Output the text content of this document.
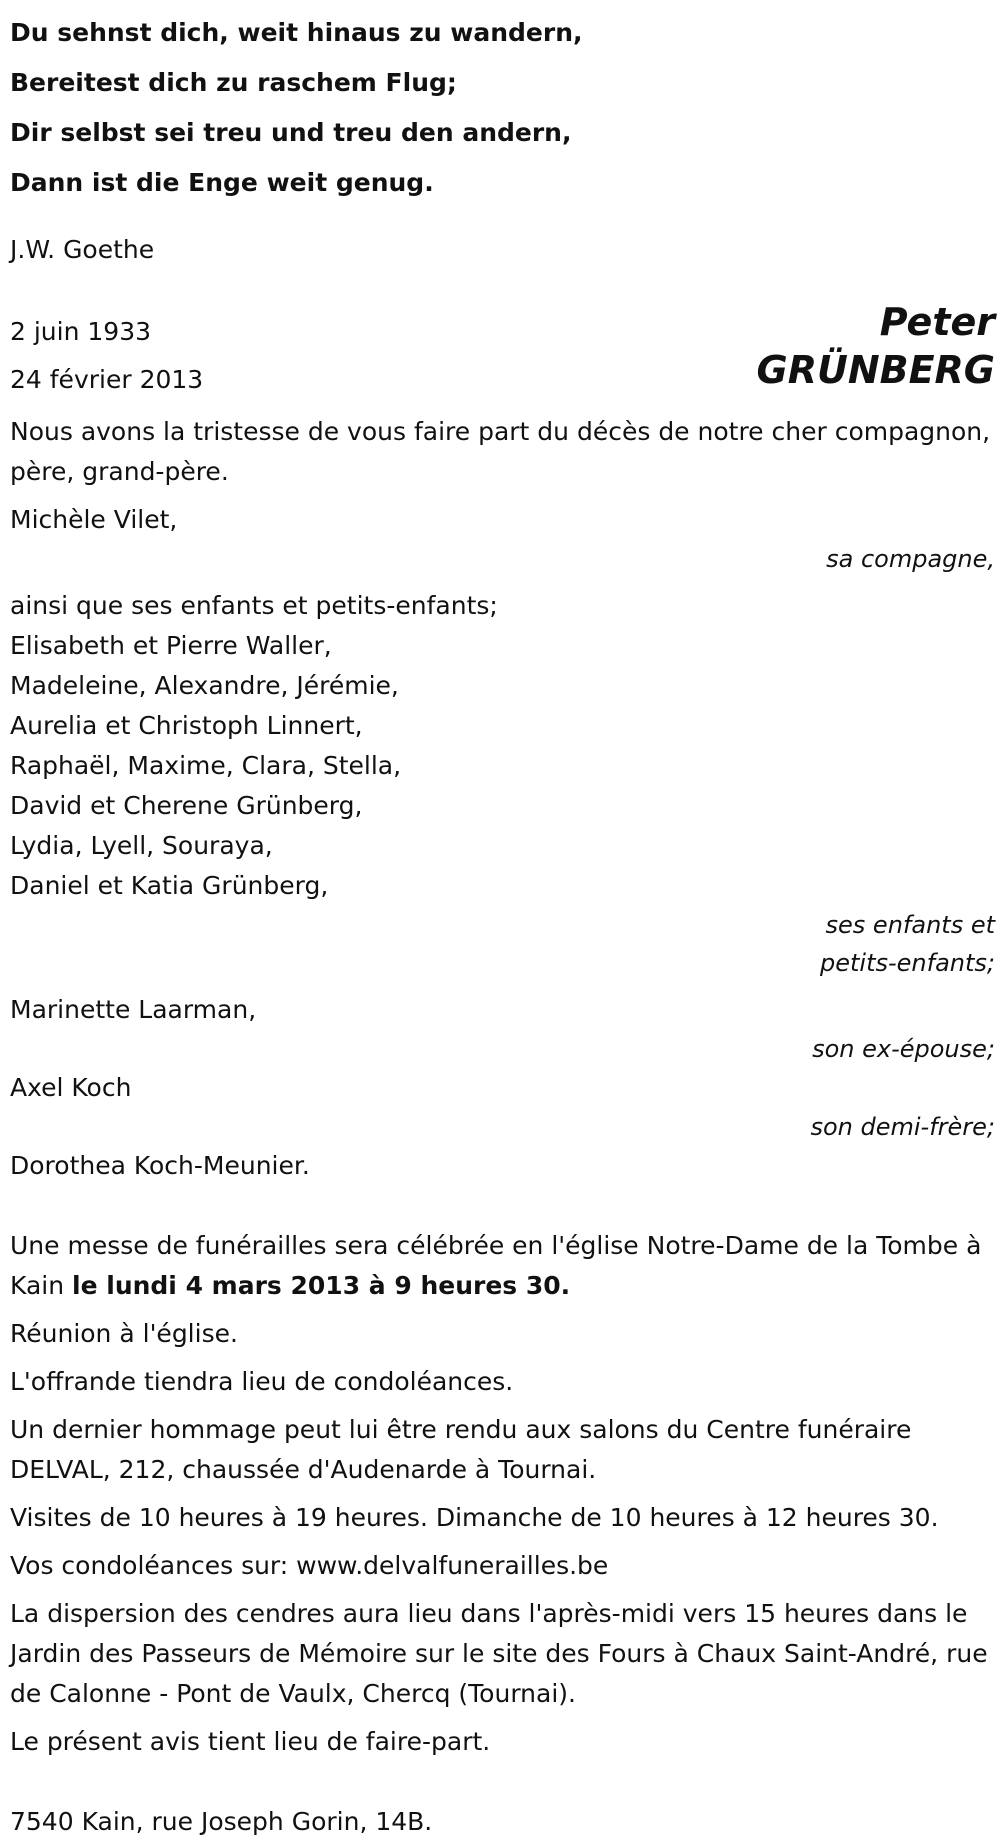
Du sehnst dich, weit hinaus zu wandern,
Bereitest dich zu raschem Flug;
Dir selbst sei treu und treu den andern,
Dann ist die Enge weit genug.
J.W. Goethe
2 juin 1933
24 février 2013
Peter
GRÜNBERG
Nous avons la tristesse de vous faire part du décès de notre cher compagnon, père, grand-père.
Michèle Vilet,
sa compagne,
ainsi que ses enfants et petits-enfants;
Elisabeth et Pierre Waller,
Madeleine, Alexandre, Jérémie,
Aurelia et Christoph Linnert,
Raphaël, Maxime, Clara, Stella,
David et Cherene Grünberg,
Lydia, Lyell, Souraya,
Daniel et Katia Grünberg,
ses enfants et
petits-enfants;
Marinette Laarman,
son ex-épouse;
Axel Koch
son demi-frère;
Dorothea Koch-Meunier.
Une messe de funérailles sera célébrée en l'église Notre-Dame de la Tombe à Kain le lundi 4 mars 2013 à 9 heures 30.
Réunion à l'église.
L'offrande tiendra lieu de condoléances.
Un dernier hommage peut lui être rendu aux salons du Centre funéraire DELVAL, 212, chaussée d'Audenarde à Tournai.
Visites de 10 heures à 19 heures. Dimanche de 10 heures à 12 heures 30.
Vos condoléances sur: www.delvalfunerailles.be
La dispersion des cendres aura lieu dans l'après-midi vers 15 heures dans le Jardin des Passeurs de Mémoire sur le site des Fours à Chaux Saint-André, rue de Calonne - Pont de Vaulx, Chercq (Tournai).
Le présent avis tient lieu de faire-part.
7540 Kain, rue Joseph Gorin, 14B.
